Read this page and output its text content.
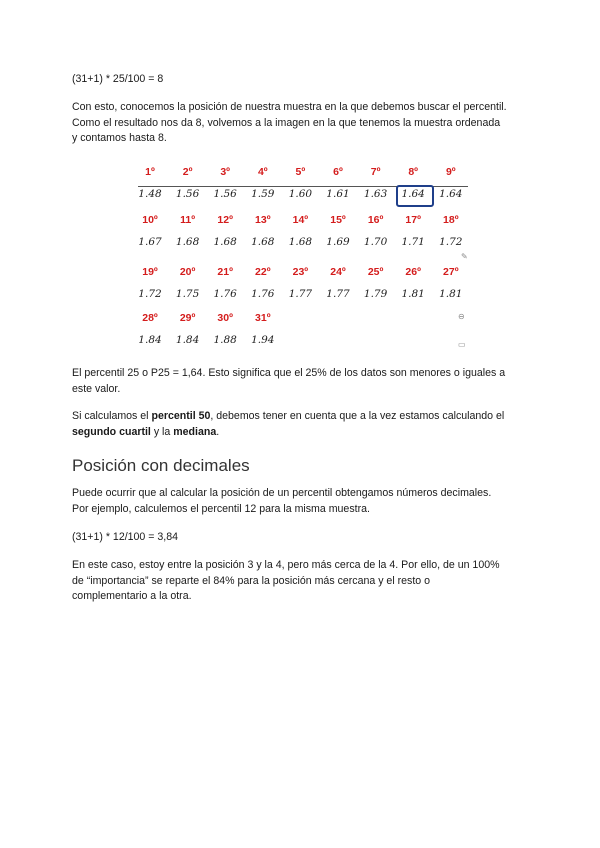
(31+1) * 25/100 = 8
Con esto, conocemos la posición de nuestra muestra en la que debemos buscar el percentil.
Como el resultado nos da 8, volvemos a la imagen en la que tenemos la muestra ordenada
y contamos hasta 8.
✎
⊖
▭
1º
1.48
2º
1.56
3º
1.56
4º
1.59
5º
1.60
6º
1.61
7º
1.63
8º
1.64
9º
1.64
10º
1.67
11º
1.68
12º
1.68
13º
1.68
14º
1.68
15º
1.69
16º
1.70
17º
1.71
18º
1.72
19º
1.72
20º
1.75
21º
1.76
22º
1.76
23º
1.77
24º
1.77
25º
1.79
26º
1.81
27º
1.81
28º
1.84
29º
1.84
30º
1.88
31º
1.94
El percentil 25 o P25 = 1,64. Esto significa que el 25% de los datos son menores o iguales a
este valor.
Si calculamos el percentil 50, debemos tener en cuenta que a la vez estamos calculando el
segundo cuartil y la mediana.
Posición con decimales
Puede ocurrir que al calcular la posición de un percentil obtengamos números decimales.
Por ejemplo, calculemos el percentil 12 para la misma muestra.
(31+1) * 12/100 = 3,84
En este caso, estoy entre la posición 3 y la 4, pero más cerca de la 4. Por ello, de un 100%
de “importancia” se reparte el 84% para la posición más cercana y el resto o
complementario a la otra.
